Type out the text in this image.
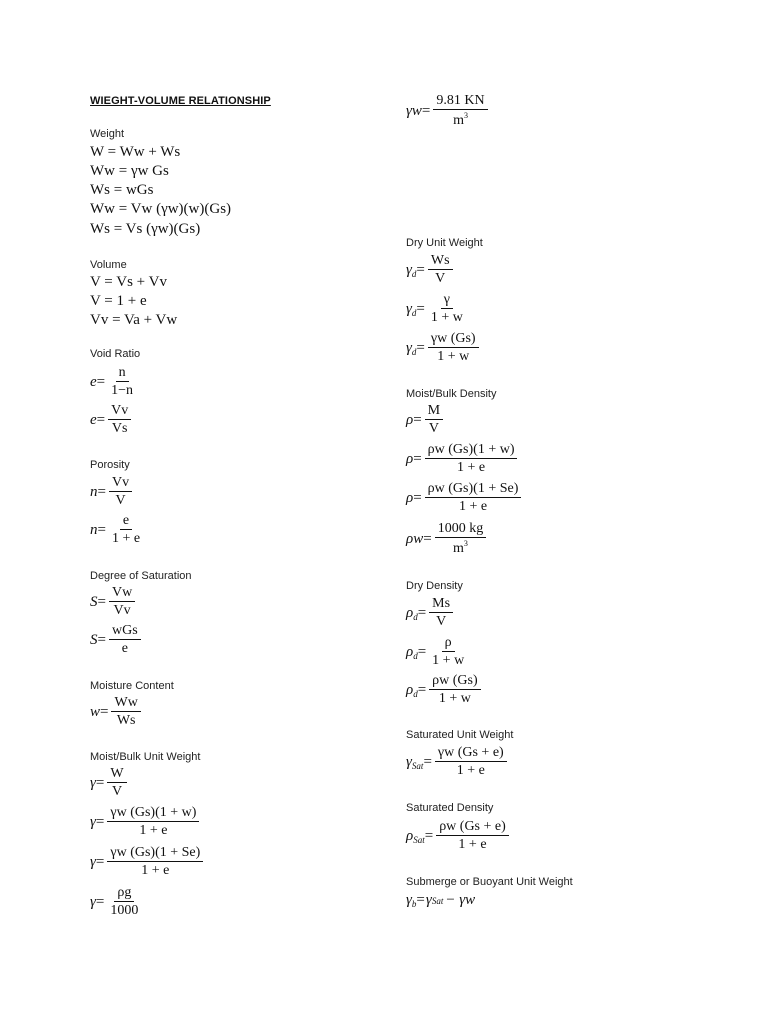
WIEGHT-VOLUME RELATIONSHIP
Weight
W = Ww + Ws
Ww = γw Gs
Ws = wGs
Ww = Vw (γw)(w)(Gs)
Ws = Vs (γw)(Gs)
Volume
V = Vs + Vv
V = 1 + e
Vv = Va + Vw
Void Ratio
$e= \frac{n}{1-n}$
$e= \frac{Vv}{Vs}$
Porosity
$n= \frac{Vv}{V}$
$n= \frac{e}{1 + e}$
Degree of Saturation
$S= \frac{Vw}{Vv}$
$S= \frac{\text{wGs}}{e}$
Moisture Content
$w= \frac{Ww}{Ws}$
Moist/Bulk Unit Weight
$\gamma= \frac{W}{V}$
$\gamma= \frac{\gamma w (Gs)(1 + w)}{1 + e}$
$\gamma= \frac{\gamma w (Gs)(1 + Se)}{1 + e}$
$\gamma= \frac{\rho g}{1000}$
$\gamma w= \frac{9.81 KN}{m^3}$
Dry Unit Weight
$\gamma_d= \frac{Ws}{V}$
$\gamma_d= \frac{\gamma}{1 + w}$
$\gamma_d= \frac{\gamma w (Gs)}{1 + w}$
Moist/Bulk Density
$\rho= \frac{M}{V}$
$\rho= \frac{\rho w (Gs)(1 + w)}{1 + e}$
$\rho= \frac{\rho w (Gs)(1 + Se)}{1 + e}$
$\rho w= \frac{1000 kg}{m^3}$
Dry Density
$\rho_d= \frac{Ms}{V}$
$\rho_d= \frac{\rho}{1 + w}$
$\rho_d= \frac{\rho w (Gs)}{1 + w}$
Saturated Unit Weight
$\gamma_{Sat}= \frac{\gamma w (Gs + e)}{1 + e}$
Saturated Density
$\rho_{Sat}= \frac{\rho w (Gs + e)}{1 + e}$
Submerge or Buoyant Unit Weight
$\gamma_b= \gamma$ Sat − γw
